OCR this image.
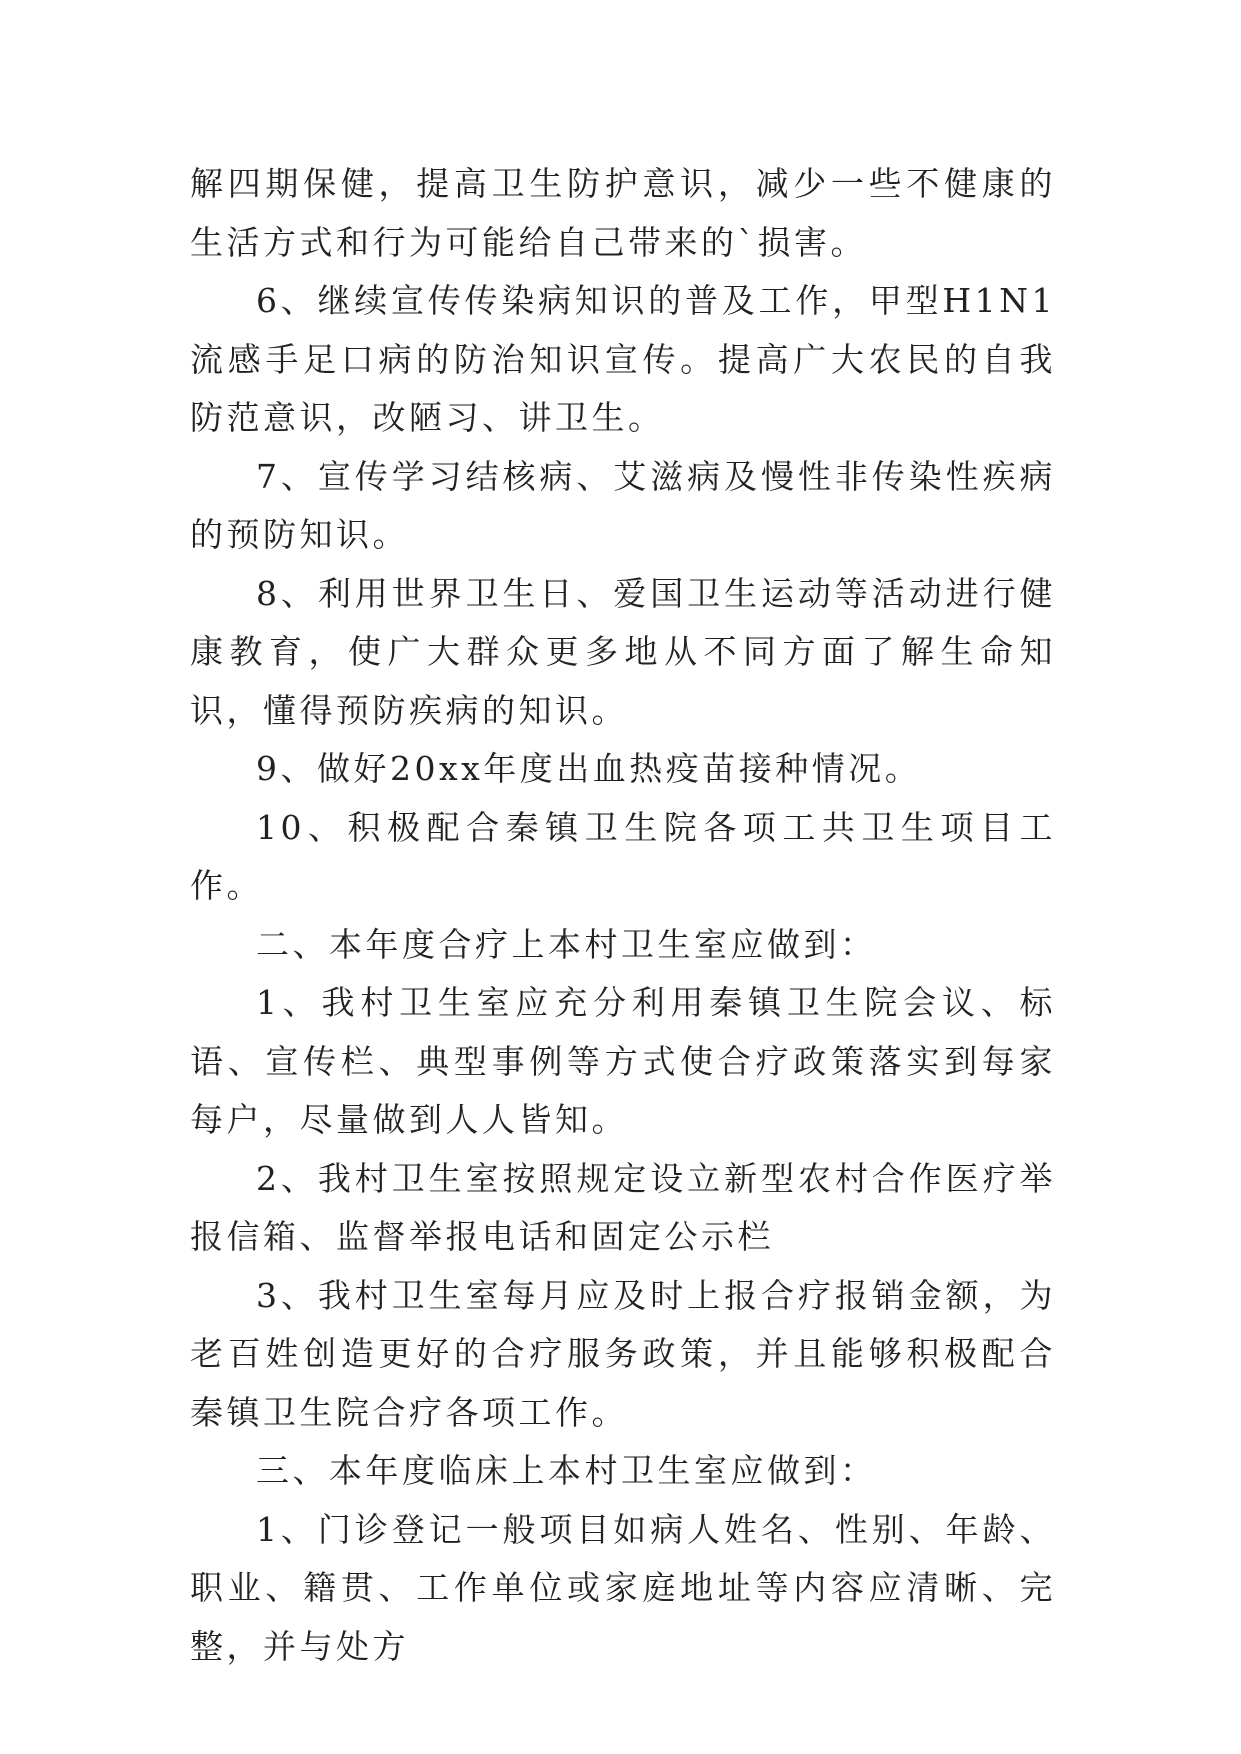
解四期保健，提高卫生防护意识，减少一些不健康的生活方式和行为可能给自己带来的`损害。

6、继续宣传传染病知识的普及工作，甲型H1N1流感手足口病的防治知识宣传。提高广大农民的自我防范意识，改陋习、讲卫生。

7、宣传学习结核病、艾滋病及慢性非传染性疾病的预防知识。

8、利用世界卫生日、爱国卫生运动等活动进行健康教育，使广大群众更多地从不同方面了解生命知识，懂得预防疾病的知识。

9、做好20xx年度出血热疫苗接种情况。

10、积极配合秦镇卫生院各项工共卫生项目工作。

二、本年度合疗上本村卫生室应做到：

1、我村卫生室应充分利用秦镇卫生院会议、标语、宣传栏、典型事例等方式使合疗政策落实到每家每户，尽量做到人人皆知。

2、我村卫生室按照规定设立新型农村合作医疗举报信箱、监督举报电话和固定公示栏

3、我村卫生室每月应及时上报合疗报销金额，为老百姓创造更好的合疗服务政策，并且能够积极配合秦镇卫生院合疗各项工作。

三、本年度临床上本村卫生室应做到：

1、门诊登记一般项目如病人姓名、性别、年龄、职业、籍贯、工作单位或家庭地址等内容应清晰、完整，并与处方
